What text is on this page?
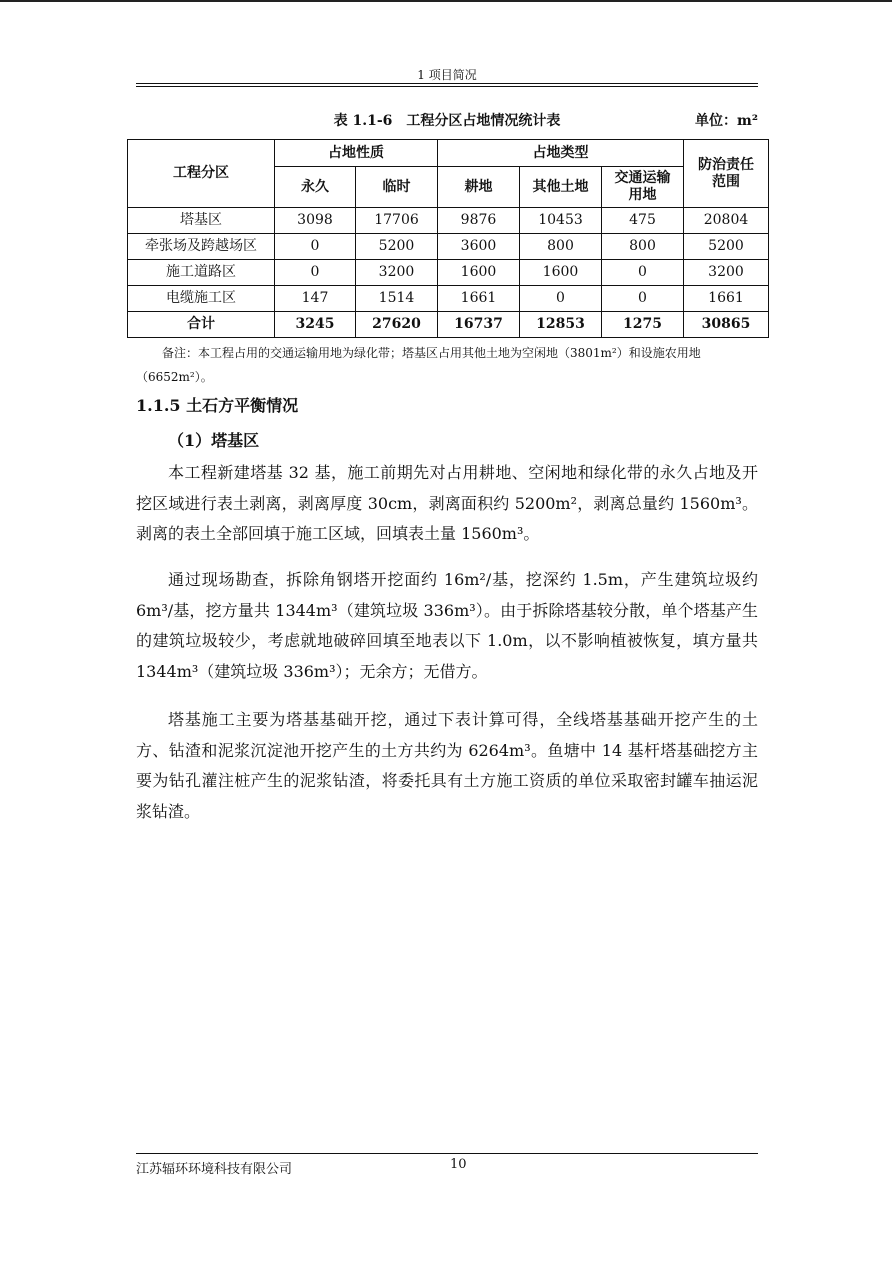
1 项目简况
表 1.1-6　工程分区占地情况统计表	单位：m²
工程分区	占地性质		占地类型			防治责任范围

	永久	临时	耕地	其他土地	交通运输用地	

塔基区	3098	17706	9876	10453	475	20804
牵张场及跨越场区	0	5200	3600	800	800	5200
施工道路区	0	3200	1600	1600	0	3200
电缆施工区	147	1514	1661	0	0	1661
合计	3245	27620	16737	12853	1275	30865
备注：本工程占用的交通运输用地为绿化带；塔基区占用其他土地为空闲地（3801m²）和设施农用地（6652m²）。
1.1.5 土石方平衡情况
（1）塔基区

本工程新建塔基 32 基，施工前期先对占用耕地、空闲地和绿化带的永久占地及开挖区域进行表土剥离，剥离厚度 30cm，剥离面积约 5200m²，剥离总量约 1560m³。剥离的表土全部回填于施工区域，回填表土量 1560m³。

通过现场勘查，拆除角钢塔开挖面约 16m²/基，挖深约 1.5m，产生建筑垃圾约 6m³/基，挖方量共 1344m³（建筑垃圾 336m³）。由于拆除塔基较分散，单个塔基产生的建筑垃圾较少，考虑就地破碎回填至地表以下 1.0m，以不影响植被恢复，填方量共 1344m³（建筑垃圾 336m³）；无余方；无借方。

塔基施工主要为塔基基础开挖，通过下表计算可得，全线塔基基础开挖产生的土方、钻渣和泥浆沉淀池开挖产生的土方共约为 6264m³。鱼塘中 14 基杆塔基础挖方主要为钻孔灌注桩产生的泥浆钻渣，将委托具有土方施工资质的单位采取密封罐车抽运泥浆钻渣。

江苏辐环环境科技有限公司	10
